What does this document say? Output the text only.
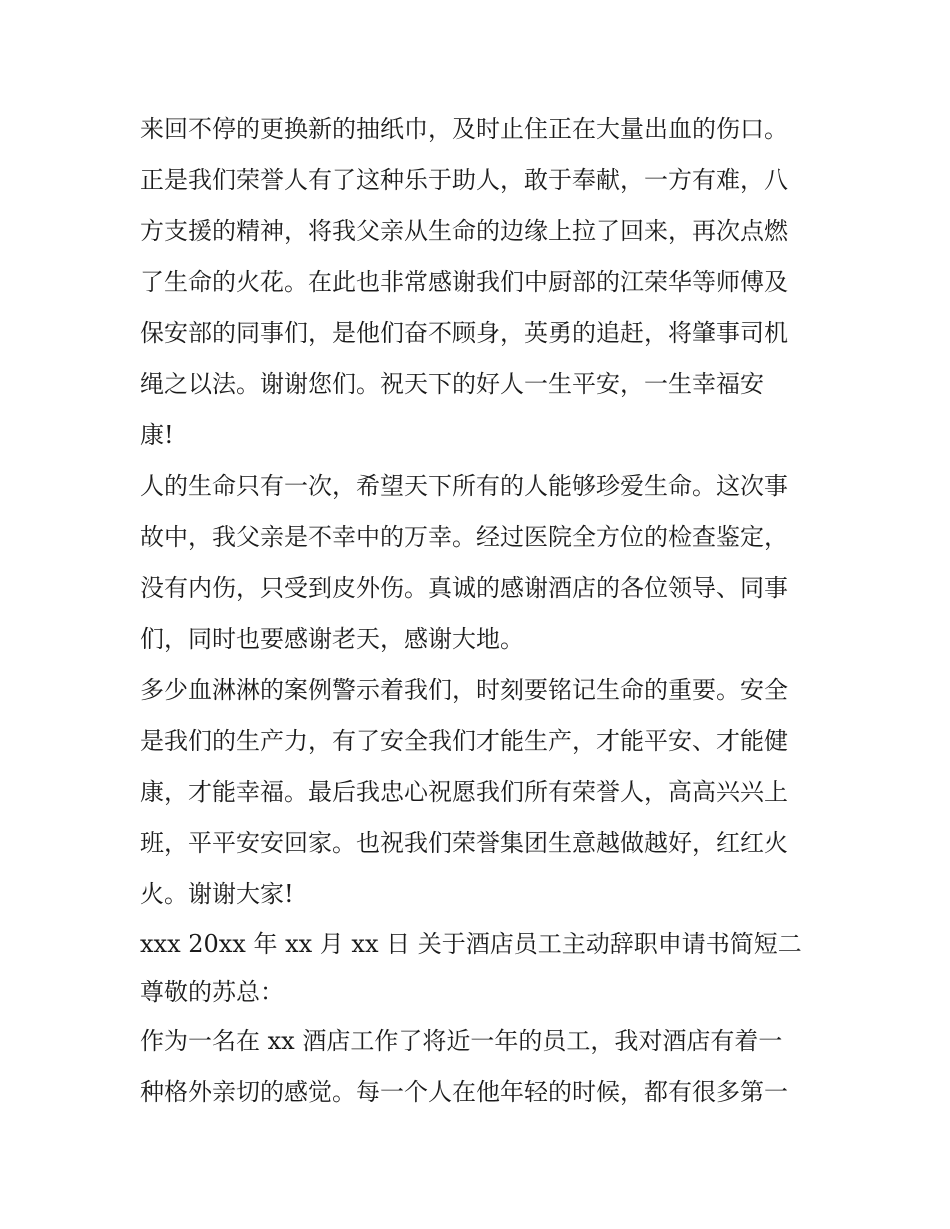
来回不停的更换新的抽纸巾，及时止住正在大量出血的伤口。
正是我们荣誉人有了这种乐于助人，敢于奉献，一方有难，八
方支援的精神，将我父亲从生命的边缘上拉了回来，再次点燃
了生命的火花。在此也非常感谢我们中厨部的江荣华等师傅及
保安部的同事们，是他们奋不顾身，英勇的追赶，将肇事司机
绳之以法。谢谢您们。祝天下的好人一生平安，一生幸福安
康!
人的生命只有一次，希望天下所有的人能够珍爱生命。这次事
故中，我父亲是不幸中的万幸。经过医院全方位的检查鉴定，
没有内伤，只受到皮外伤。真诚的感谢酒店的各位领导、同事
们，同时也要感谢老天，感谢大地。
多少血淋淋的案例警示着我们，时刻要铭记生命的重要。安全
是我们的生产力，有了安全我们才能生产，才能平安、才能健
康，才能幸福。最后我忠心祝愿我们所有荣誉人，高高兴兴上
班，平平安安回家。也祝我们荣誉集团生意越做越好，红红火
火。谢谢大家!
xxx 20xx 年 xx 月 xx 日 关于酒店员工主动辞职申请书简短二
尊敬的苏总：
作为一名在 xx 酒店工作了将近一年的员工，我对酒店有着一
种格外亲切的感觉。每一个人在他年轻的时候，都有很多第一
